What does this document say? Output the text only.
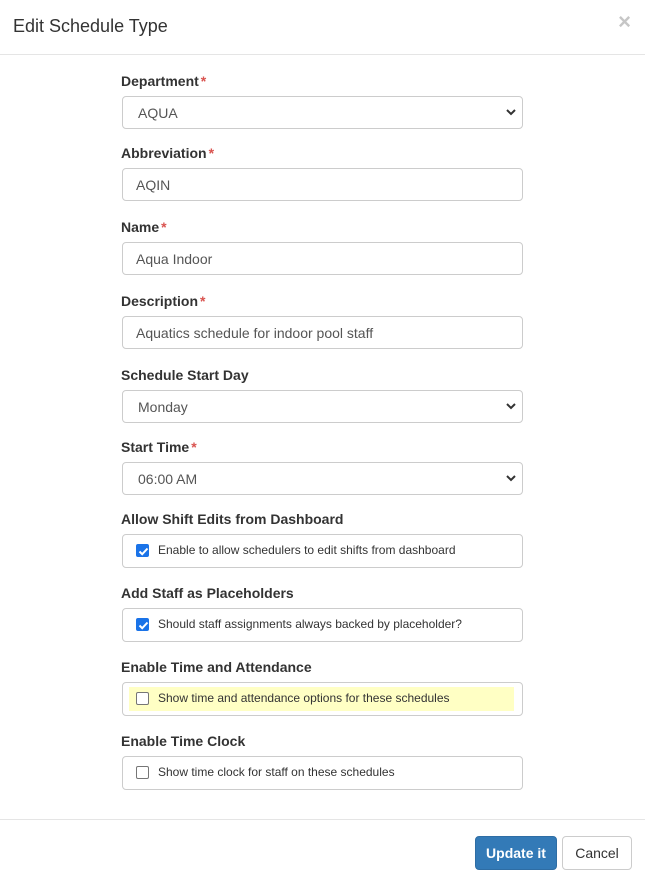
Edit Schedule Type	×
Department *
AQUA
Abbreviation *
AQIN
Name *
Aqua Indoor
Description *
Aquatics schedule for indoor pool staff
Schedule Start Day
Monday
Start Time *
06:00 AM
Allow Shift Edits from Dashboard
Enable to allow schedulers to edit shifts from dashboard
Add Staff as Placeholders
Should staff assignments always backed by placeholder?
Enable Time and Attendance
Show time and attendance options for these schedules
Enable Time Clock
Show time clock for staff on these schedules
Update it	Cancel
